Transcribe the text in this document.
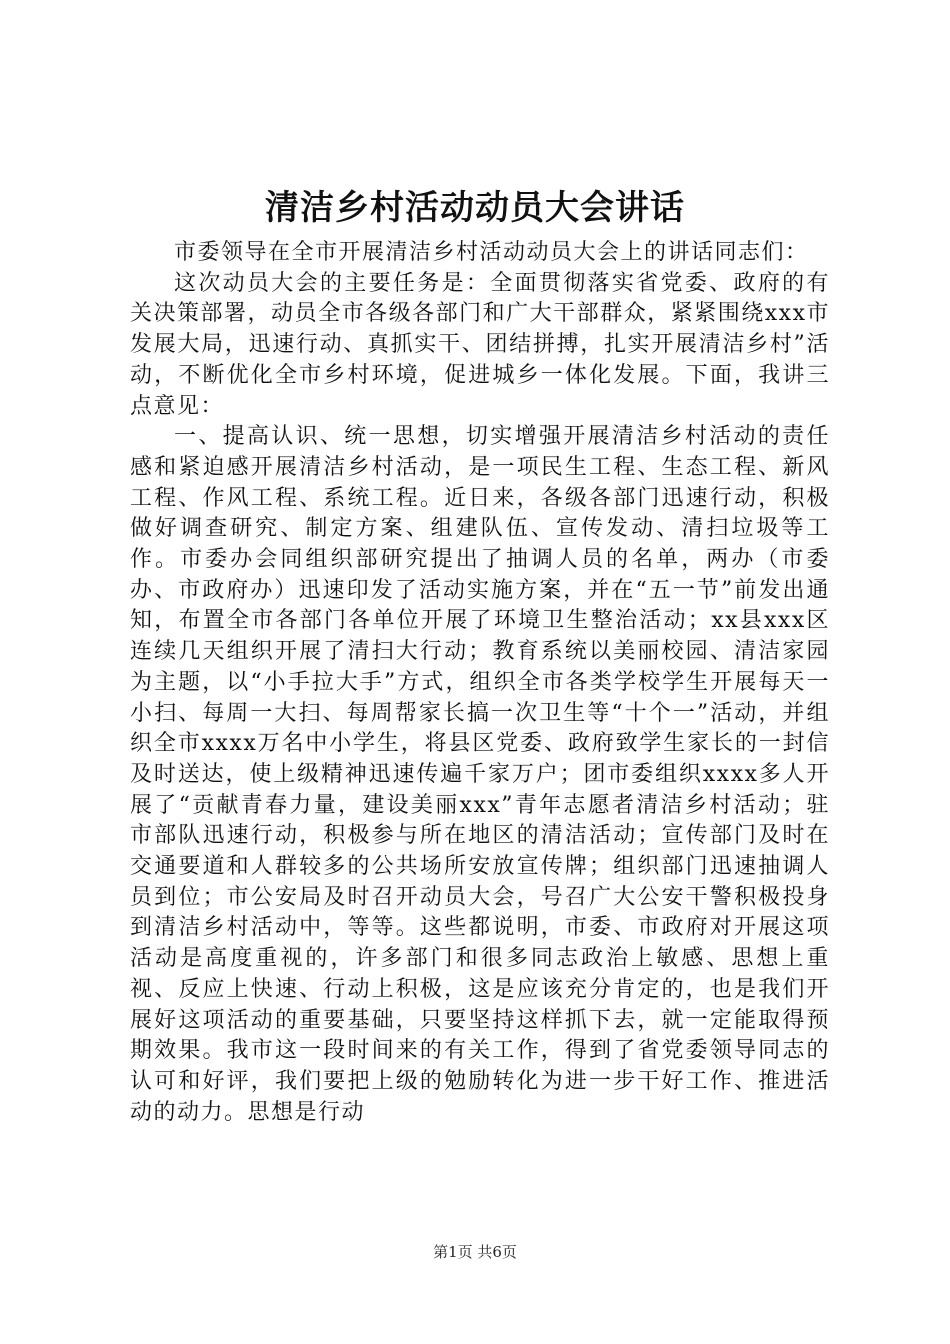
清洁乡村活动动员大会讲话

市委领导在全市开展清洁乡村活动动员大会上的讲话同志们：

这次动员大会的主要任务是：全面贯彻落实省党委、政府的有关决策部署，动员全市各级各部门和广大干部群众，紧紧围绕xxx市发展大局，迅速行动、真抓实干、团结拼搏，扎实开展清洁乡村”活动，不断优化全市乡村环境，促进城乡一体化发展。下面，我讲三点意见：

一、提高认识、统一思想，切实增强开展清洁乡村活动的责任感和紧迫感开展清洁乡村活动，是一项民生工程、生态工程、新风工程、作风工程、系统工程。近日来，各级各部门迅速行动，积极做好调查研究、制定方案、组建队伍、宣传发动、清扫垃圾等工作。市委办会同组织部研究提出了抽调人员的名单，两办（市委办、市政府办）迅速印发了活动实施方案，并在“五一节”前发出通知，布置全市各部门各单位开展了环境卫生整治活动；xx县xxx区连续几天组织开展了清扫大行动；教育系统以美丽校园、清洁家园为主题，以“小手拉大手”方式，组织全市各类学校学生开展每天一小扫、每周一大扫、每周帮家长搞一次卫生等“十个一”活动，并组织全市xxxx万名中小学生，将县区党委、政府致学生家长的一封信及时送达，使上级精神迅速传遍千家万户；团市委组织xxxx多人开展了“贡献青春力量，建设美丽xxx”青年志愿者清洁乡村活动；驻市部队迅速行动，积极参与所在地区的清洁活动；宣传部门及时在交通要道和人群较多的公共场所安放宣传牌；组织部门迅速抽调人员到位；市公安局及时召开动员大会，号召广大公安干警积极投身到清洁乡村活动中，等等。这些都说明，市委、市政府对开展这项活动是高度重视的，许多部门和很多同志政治上敏感、思想上重视、反应上快速、行动上积极，这是应该充分肯定的，也是我们开展好这项活动的重要基础，只要坚持这样抓下去，就一定能取得预期效果。我市这一段时间来的有关工作，得到了省党委领导同志的认可和好评，我们要把上级的勉励转化为进一步干好工作、推进活动的动力。思想是行动

第1页 共6页
